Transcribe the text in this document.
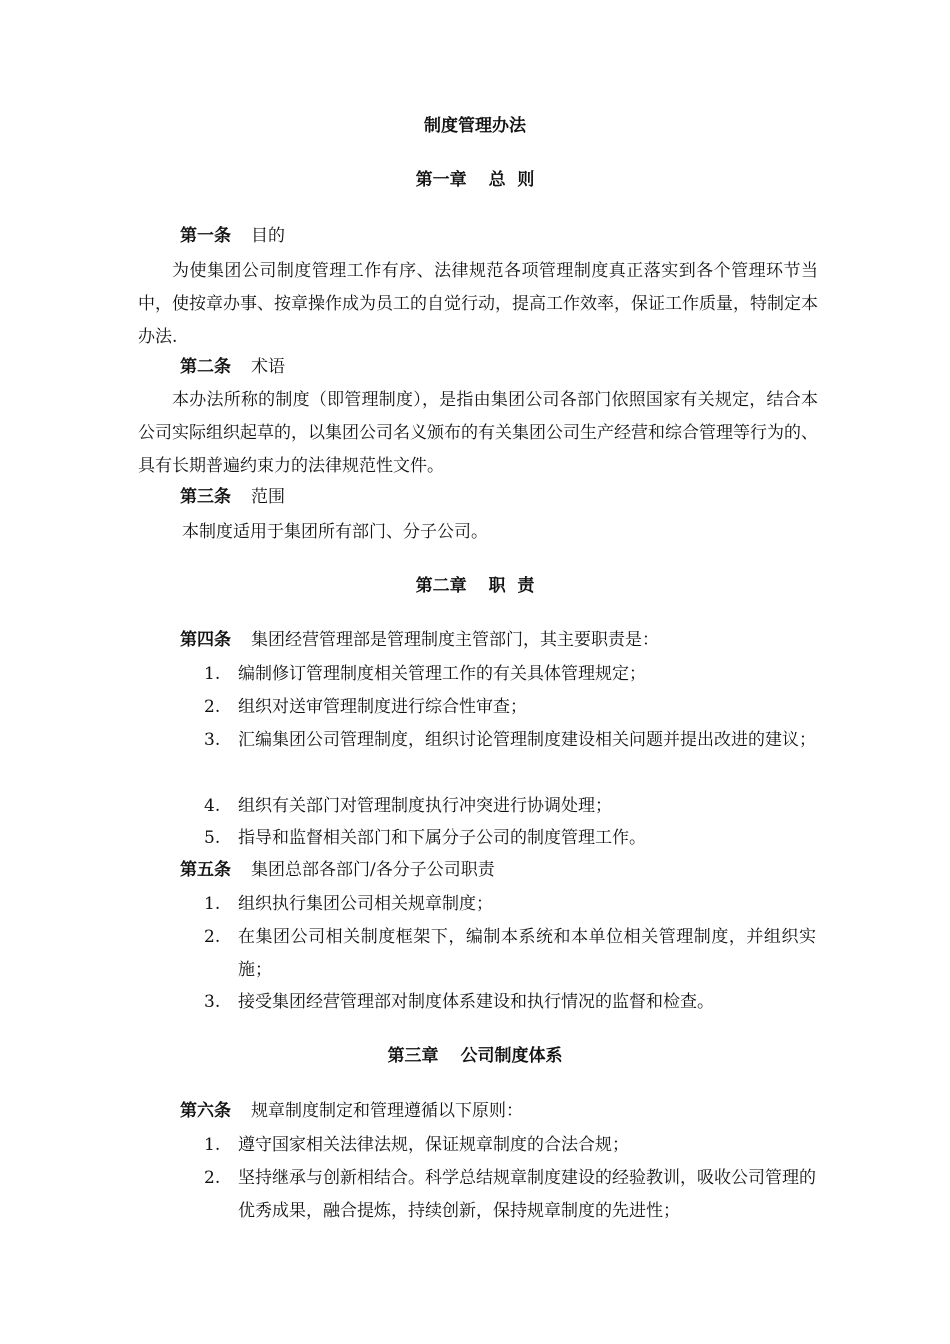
制度管理办法
第一章 总  则
第一条 目的
为使集团公司制度管理工作有序、法律规范各项管理制度真正落实到各个管理环节当中，使按章办事、按章操作成为员工的自觉行动，提高工作效率，保证工作质量，特制定本办法.
第二条 术语
本办法所称的制度（即管理制度），是指由集团公司各部门依照国家有关规定，结合本公司实际组织起草的，以集团公司名义颁布的有关集团公司生产经营和综合管理等行为的、具有长期普遍约束力的法律规范性文件。
第三条 范围
本制度适用于集团所有部门、分子公司。
第二章 职  责
第四条 集团经营管理部是管理制度主管部门，其主要职责是：
1.	编制修订管理制度相关管理工作的有关具体管理规定；
2.	组织对送审管理制度进行综合性审查；
3.	汇编集团公司管理制度，组织讨论管理制度建设相关问题并提出改进的建议；
4.	组织有关部门对管理制度执行冲突进行协调处理；
5.	指导和监督相关部门和下属分子公司的制度管理工作。
第五条 集团总部各部门/各分子公司职责
1.	组织执行集团公司相关规章制度；
2.	在集团公司相关制度框架下，编制本系统和本单位相关管理制度，并组织实施；
3.	接受集团经营管理部对制度体系建设和执行情况的监督和检查。
第三章 公司制度体系
第六条 规章制度制定和管理遵循以下原则：
1.	遵守国家相关法律法规，保证规章制度的合法合规；
2.	坚持继承与创新相结合。科学总结规章制度建设的经验教训，吸收公司管理的优秀成果，融合提炼，持续创新，保持规章制度的先进性；
